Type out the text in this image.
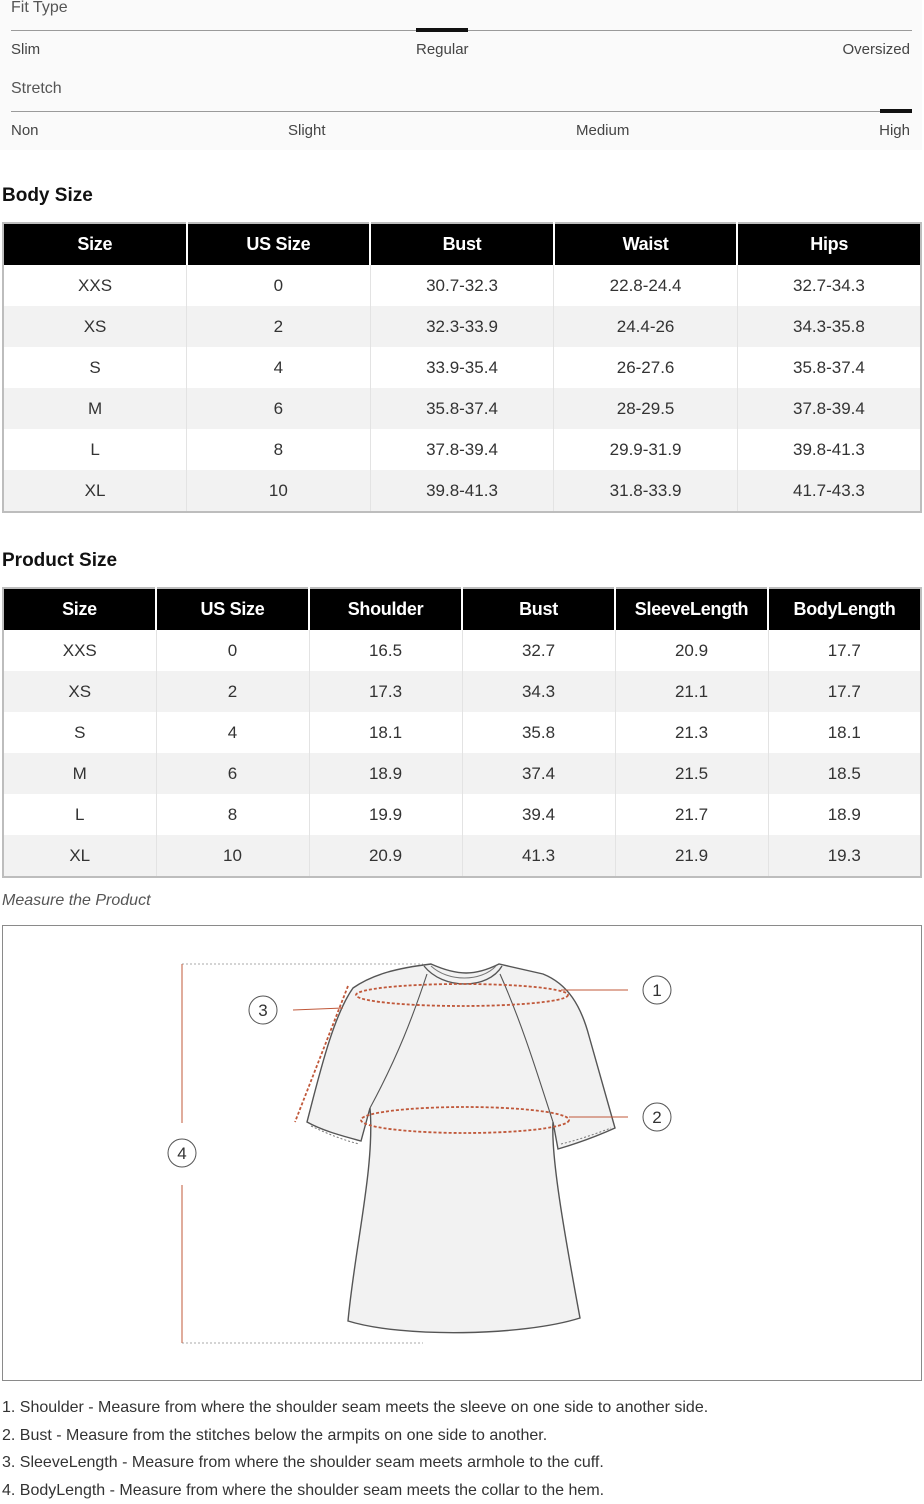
Fit Type
Slim	Regular	Oversized
Stretch
Non	Slight	Medium	High
Body Size
Size	US Size	Bust	Waist	Hips
XXS	0	30.7-32.3	22.8-24.4	32.7-34.3
XS	2	32.3-33.9	24.4-26	34.3-35.8
S	4	33.9-35.4	26-27.6	35.8-37.4
M	6	35.8-37.4	28-29.5	37.8-39.4
L	8	37.8-39.4	29.9-31.9	39.8-41.3
XL	10	39.8-41.3	31.8-33.9	41.7-43.3
Product Size
Size	US Size	Shoulder	Bust	SleeveLength	BodyLength
XXS	0	16.5	32.7	20.9	17.7
XS	2	17.3	34.3	21.1	17.7
S	4	18.1	35.8	21.3	18.1
M	6	18.9	37.4	21.5	18.5
L	8	19.9	39.4	21.7	18.9
XL	10	20.9	41.3	21.9	19.3
Measure the Product
1
2
3
4
1. Shoulder - Measure from where the shoulder seam meets the sleeve on one side to another side.
2. Bust - Measure from the stitches below the armpits on one side to another.
3. SleeveLength - Measure from where the shoulder seam meets armhole to the cuff.
4. BodyLength - Measure from where the shoulder seam meets the collar to the hem.
